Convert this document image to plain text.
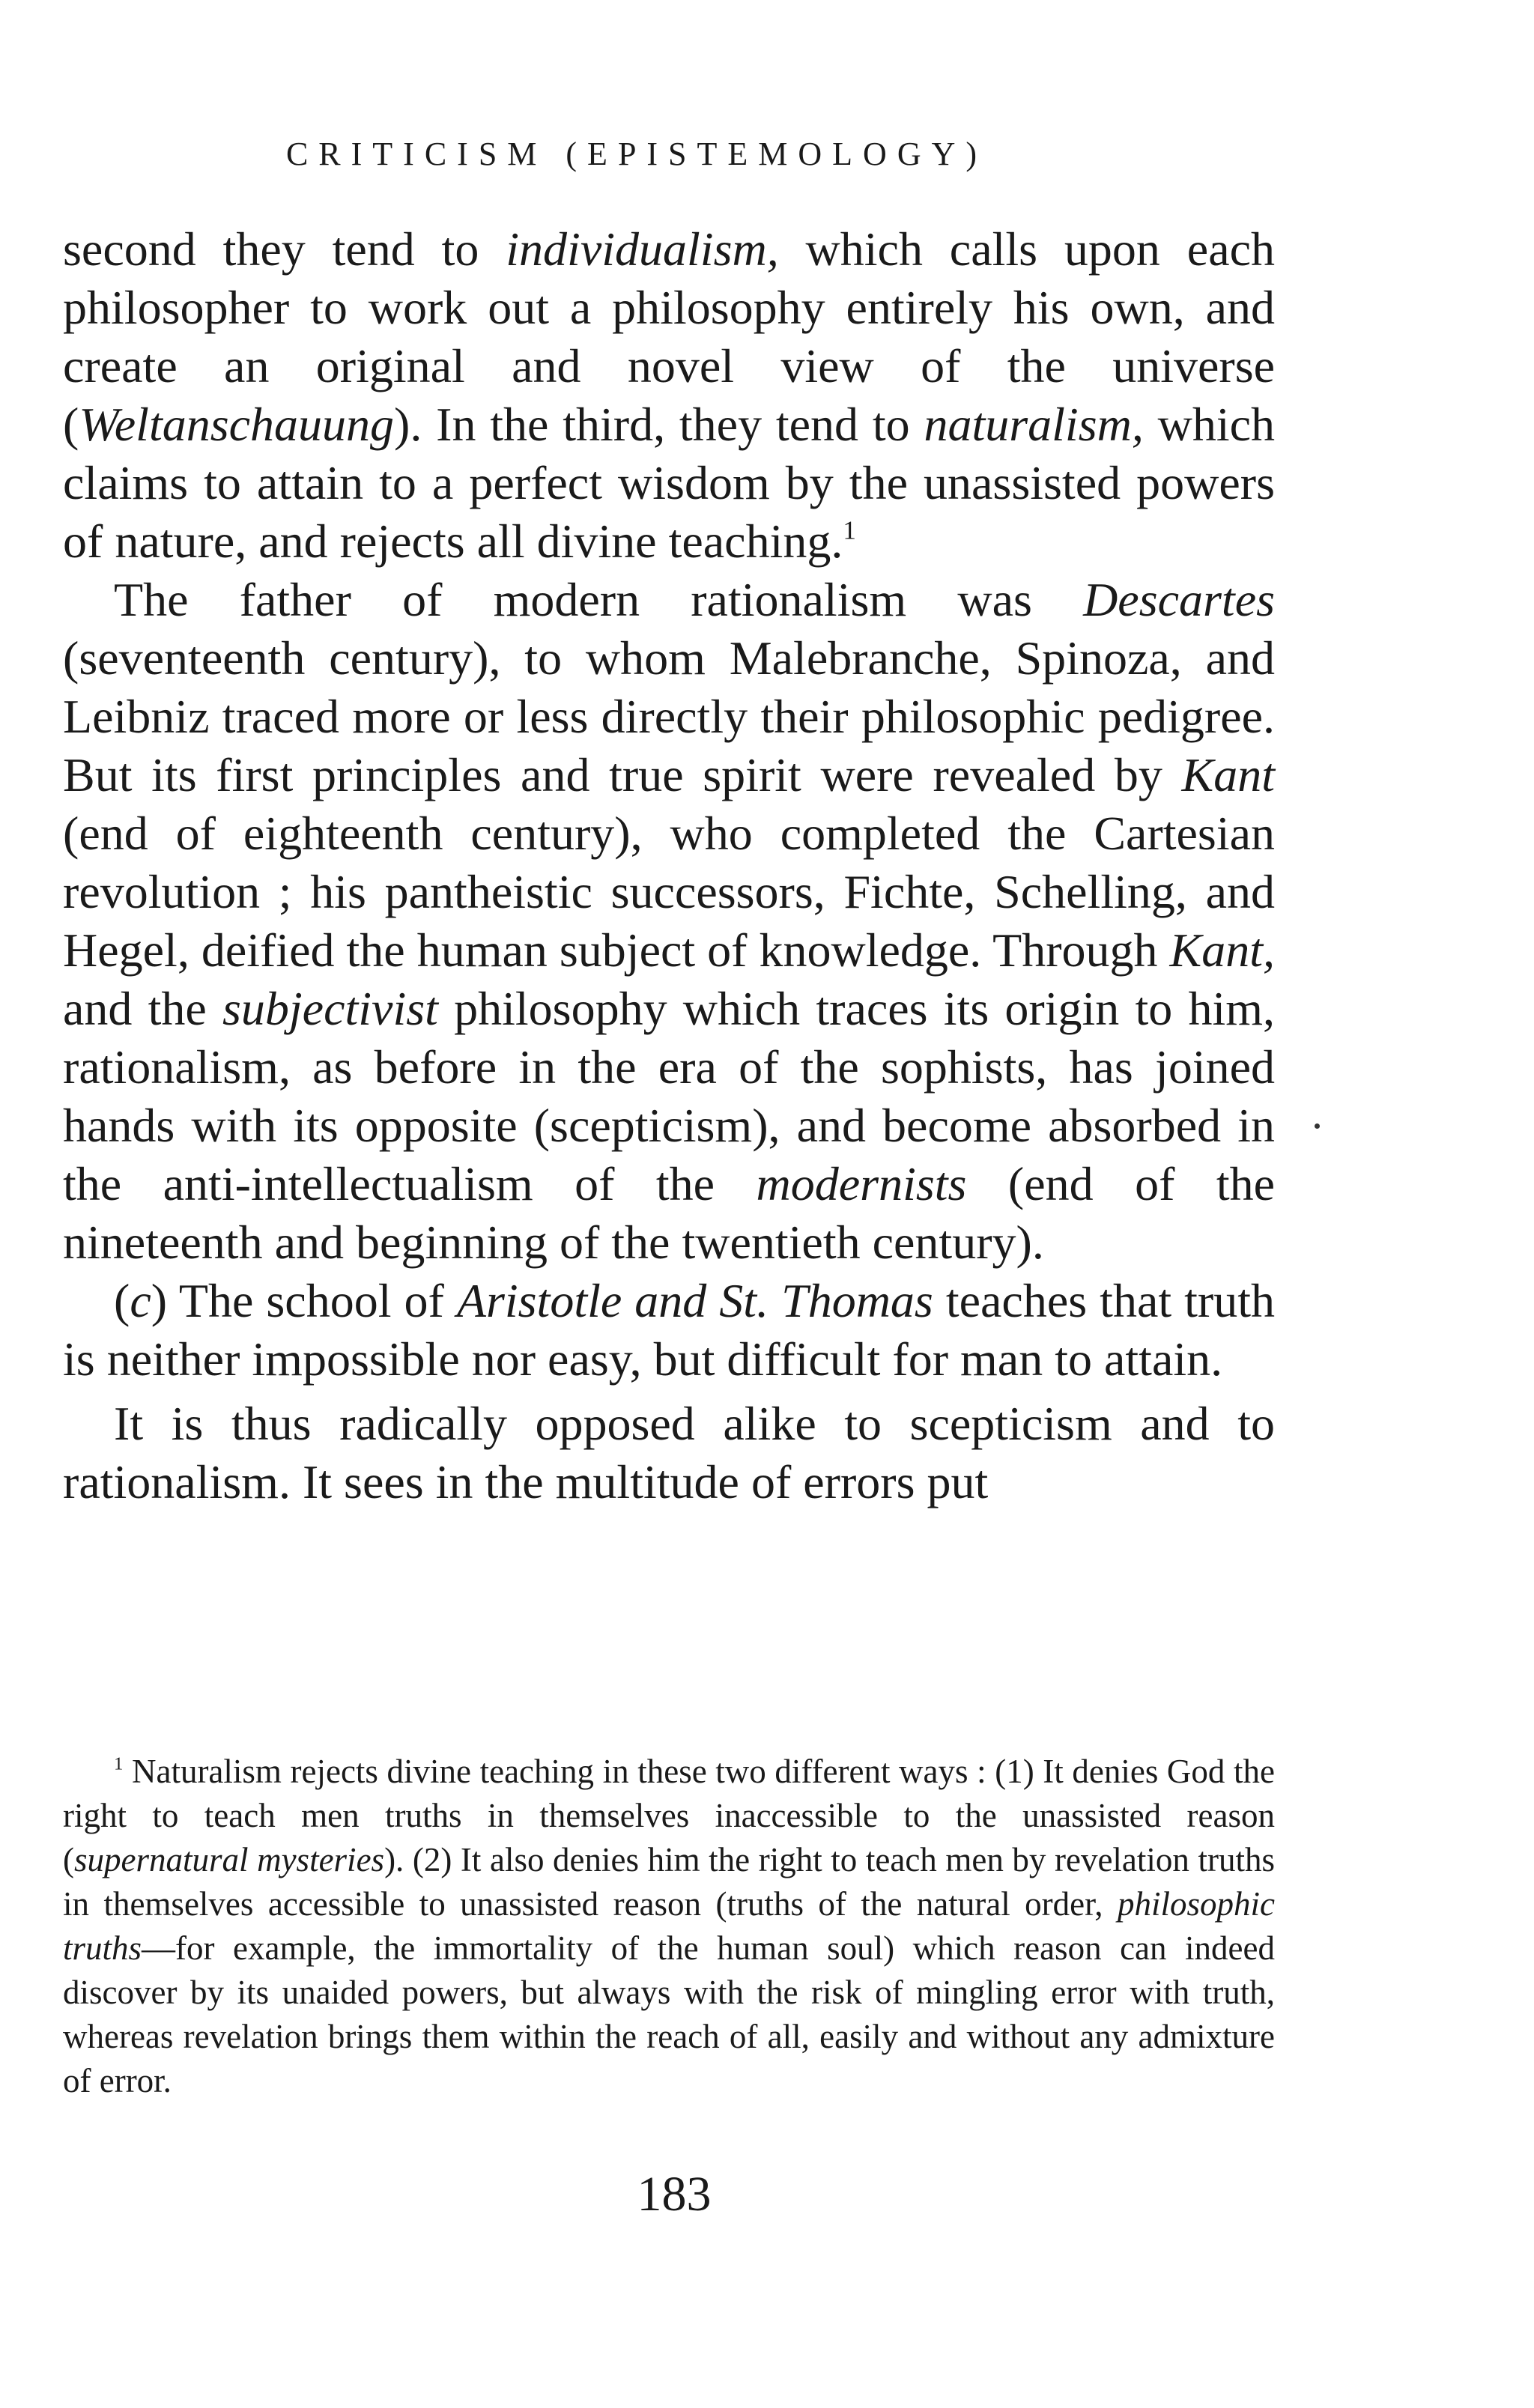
CRITICISM (EPISTEMOLOGY)

second they tend to individualism, which calls upon each philosopher to work out a philosophy entirely his own, and create an original and novel view of the universe (Weltanschauung). In the third, they tend to naturalism, which claims to attain to a perfect wisdom by the unassisted powers of nature, and rejects all divine teaching.$^1$

The father of modern rationalism was Descartes (seventeenth century), to whom Malebranche, Spinoza, and Leibniz traced more or less directly their philosophic pedigree. But its first principles and true spirit were revealed by Kant (end of eighteenth century), who completed the Cartesian revolution ; his pantheistic successors, Fichte, Schelling, and Hegel, deified the human subject of knowledge. Through Kant, and the subjectivist philosophy which traces its origin to him, rationalism, as before in the era of the sophists, has joined hands with its opposite (scepticism), and become absorbed in the anti-intellectualism of the modernists (end of the nineteenth and beginning of the twentieth century).

(c) The school of Aristotle and St. Thomas teaches that truth is neither impossible nor easy, but difficult for man to attain.

It is thus radically opposed alike to scepticism and to rationalism. It sees in the multitude of errors put

$^1$ Naturalism rejects divine teaching in these two different ways : (1) It denies God the right to teach men truths in themselves inaccessible to the unassisted reason (supernatural mysteries). (2) It also denies him the right to teach men by revelation truths in themselves accessible to unassisted reason (truths of the natural order, philosophic truths—for example, the immortality of the human soul) which reason can indeed discover by its unaided powers, but always with the risk of mingling error with truth, whereas revelation brings them within the reach of all, easily and without any admixture of error.

183
